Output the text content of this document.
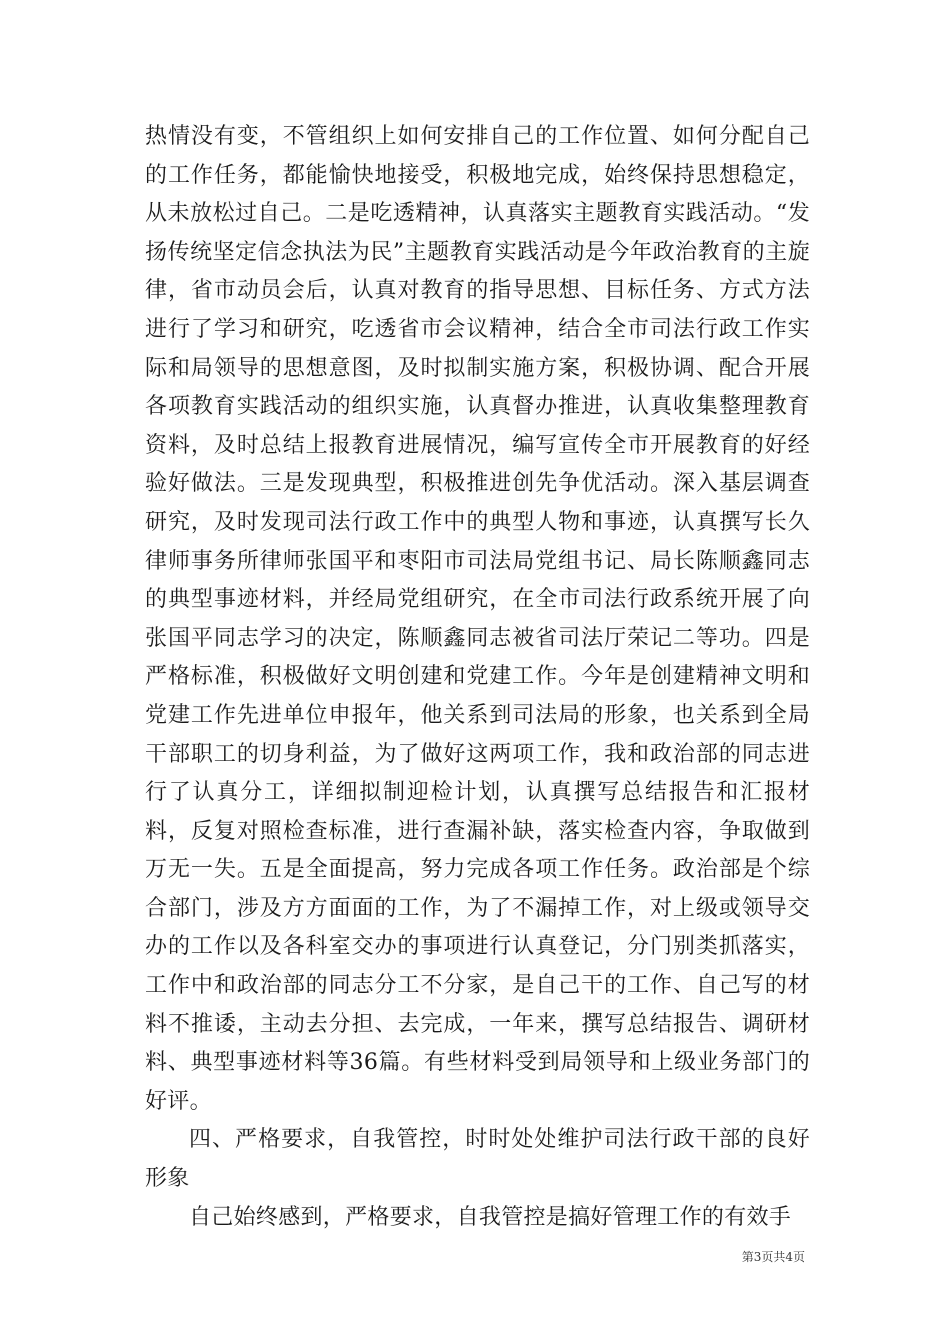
热情没有变，不管组织上如何安排自己的工作位置、如何分配自己的工作任务，都能愉快地接受，积极地完成，始终保持思想稳定，从未放松过自己。二是吃透精神，认真落实主题教育实践活动。“发扬传统坚定信念执法为民”主题教育实践活动是今年政治教育的主旋律，省市动员会后，认真对教育的指导思想、目标任务、方式方法进行了学习和研究，吃透省市会议精神，结合全市司法行政工作实际和局领导的思想意图，及时拟制实施方案，积极协调、配合开展各项教育实践活动的组织实施，认真督办推进，认真收集整理教育资料，及时总结上报教育进展情况，编写宣传全市开展教育的好经验好做法。三是发现典型，积极推进创先争优活动。深入基层调查研究，及时发现司法行政工作中的典型人物和事迹，认真撰写长久律师事务所律师张国平和枣阳市司法局党组书记、局长陈顺鑫同志的典型事迹材料，并经局党组研究，在全市司法行政系统开展了向张国平同志学习的决定，陈顺鑫同志被省司法厅荣记二等功。四是严格标准，积极做好文明创建和党建工作。今年是创建精神文明和党建工作先进单位申报年，他关系到司法局的形象，也关系到全局干部职工的切身利益，为了做好这两项工作，我和政治部的同志进行了认真分工，详细拟制迎检计划，认真撰写总结报告和汇报材料，反复对照检查标准，进行查漏补缺，落实检查内容，争取做到万无一失。五是全面提高，努力完成各项工作任务。政治部是个综合部门，涉及方方面面的工作，为了不漏掉工作，对上级或领导交办的工作以及各科室交办的事项进行认真登记，分门别类抓落实，工作中和政治部的同志分工不分家，是自己干的工作、自己写的材料不推诿，主动去分担、去完成，一年来，撰写总结报告、调研材料、典型事迹材料等36篇。有些材料受到局领导和上级业务部门的好评。

四、严格要求，自我管控，时时处处维护司法行政干部的良好形象

自己始终感到，严格要求，自我管控是搞好管理工作的有效手

第3页共4页
